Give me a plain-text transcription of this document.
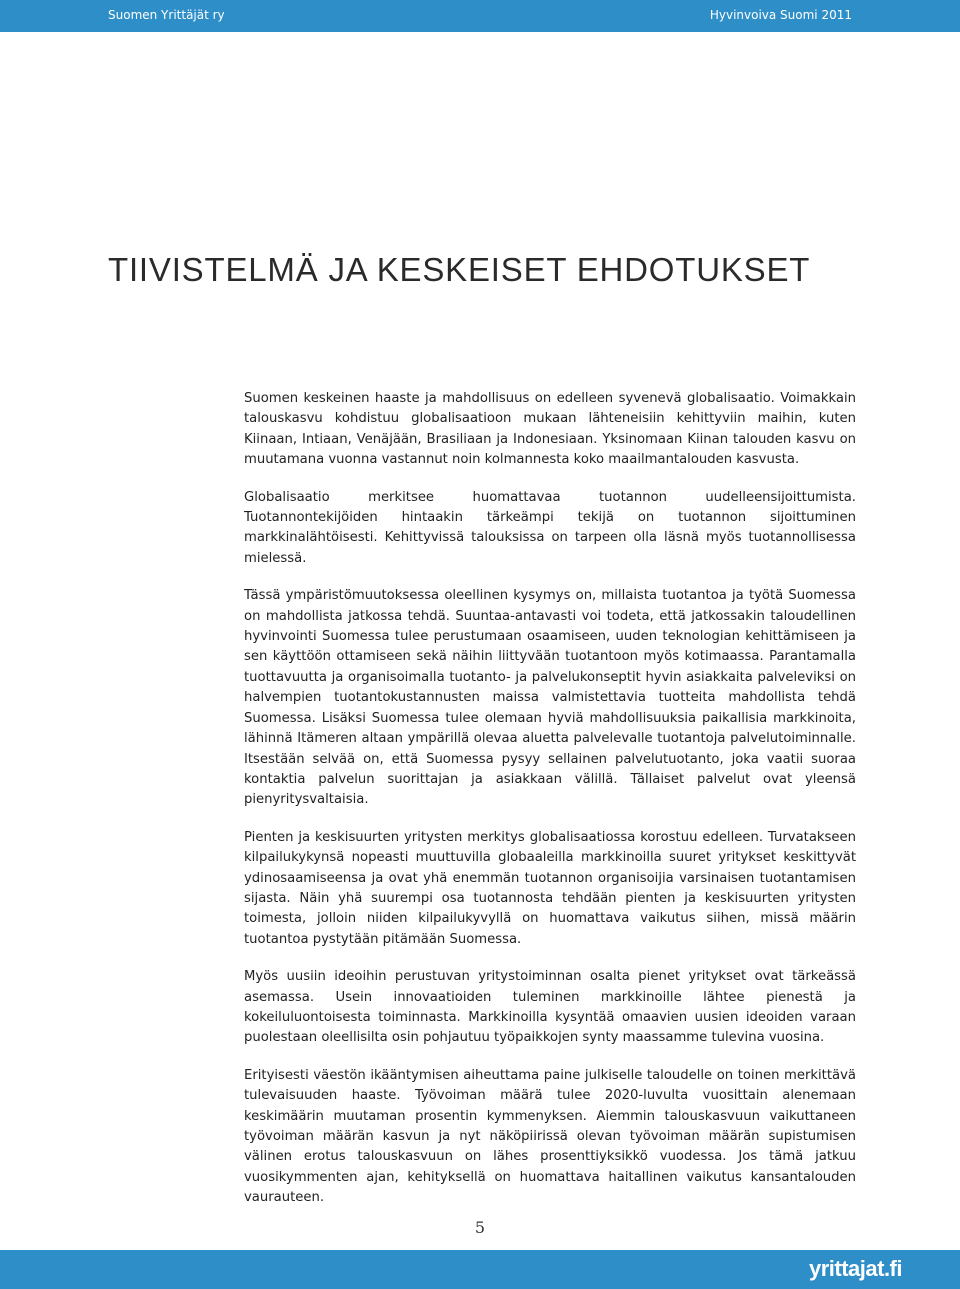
Suomen Yrittäjät ry	Hyvinvoiva Suomi 2011
TIIVISTELMÄ JA KESKEISET EHDOTUKSET

Suomen keskeinen haaste ja mahdollisuus on edelleen syvenevä globalisaatio. Voimakkain talouskasvu kohdistuu globalisaatioon mukaan lähteneisiin kehittyviin maihin, kuten Kiinaan, Intiaan, Venäjään, Brasiliaan ja Indonesiaan. Yksinomaan Kiinan talouden kasvu on muutamana vuonna vastannut noin kolmannesta koko maailmantalouden kasvusta.

Globalisaatio merkitsee huomattavaa tuotannon uudelleensijoittumista. Tuotannontekijöiden hintaakin tärkeämpi tekijä on tuotannon sijoittuminen markkinalähtöisesti. Kehittyvissä talouksissa on tarpeen olla läsnä myös tuotannollisessa mielessä.

Tässä ympäristömuutoksessa oleellinen kysymys on, millaista tuotantoa ja työtä Suomessa on mahdollista jatkossa tehdä. Suuntaa-antavasti voi todeta, että jatkossakin taloudellinen hyvinvointi Suomessa tulee perustumaan osaamiseen, uuden teknologian kehittämiseen ja sen käyttöön ottamiseen sekä näihin liittyvään tuotantoon myös kotimaassa. Parantamalla tuottavuutta ja organisoimalla tuotanto- ja palvelukonseptit hyvin asiakkaita palveleviksi on halvempien tuotantokustannusten maissa valmistettavia tuotteita mahdollista tehdä Suomessa. Lisäksi Suomessa tulee olemaan hyviä mahdollisuuksia paikallisia markkinoita, lähinnä Itämeren altaan ympärillä olevaa aluetta palvelevalle tuotantoja palvelutoiminnalle. Itsestään selvää on, että Suomessa pysyy sellainen palvelutuotanto, joka vaatii suoraa kontaktia palvelun suorittajan ja asiakkaan välillä. Tällaiset palvelut ovat yleensä pienyritysvaltaisia.

Pienten ja keskisuurten yritysten merkitys globalisaatiossa korostuu edelleen. Turvatakseen kilpailukykynsä nopeasti muuttuvilla globaaleilla markkinoilla suuret yritykset keskittyvät ydinosaamiseensa ja ovat yhä enemmän tuotannon organisoijia varsinaisen tuotantamisen sijasta. Näin yhä suurempi osa tuotannosta tehdään pienten ja keskisuurten yritysten toimesta, jolloin niiden kilpailukyvyllä on huomattava vaikutus siihen, missä määrin tuotantoa pystytään pitämään Suomessa.

Myös uusiin ideoihin perustuvan yritystoiminnan osalta pienet yritykset ovat tärkeässä asemassa. Usein innovaatioiden tuleminen markkinoille lähtee pienestä ja kokeiluluontoisesta toiminnasta. Markkinoilla kysyntää omaavien uusien ideoiden varaan puolestaan oleellisilta osin pohjautuu työpaikkojen synty maassamme tulevina vuosina.

Erityisesti väestön ikääntymisen aiheuttama paine julkiselle taloudelle on toinen merkittävä tulevaisuuden haaste. Työvoiman määrä tulee 2020-luvulta vuosittain alenemaan keskimäärin muutaman prosentin kymmenyksen. Aiemmin talouskasvuun vaikuttaneen työvoiman määrän kasvun ja nyt näköpiirissä olevan työvoiman määrän supistumisen välinen erotus talouskasvuun on lähes prosenttiyksikkö vuodessa. Jos tämä jatkuu vuosikymmenten ajan, kehityksellä on huomattava haitallinen vaikutus kansantalouden vaurauteen.

5
yrittajat.fi
